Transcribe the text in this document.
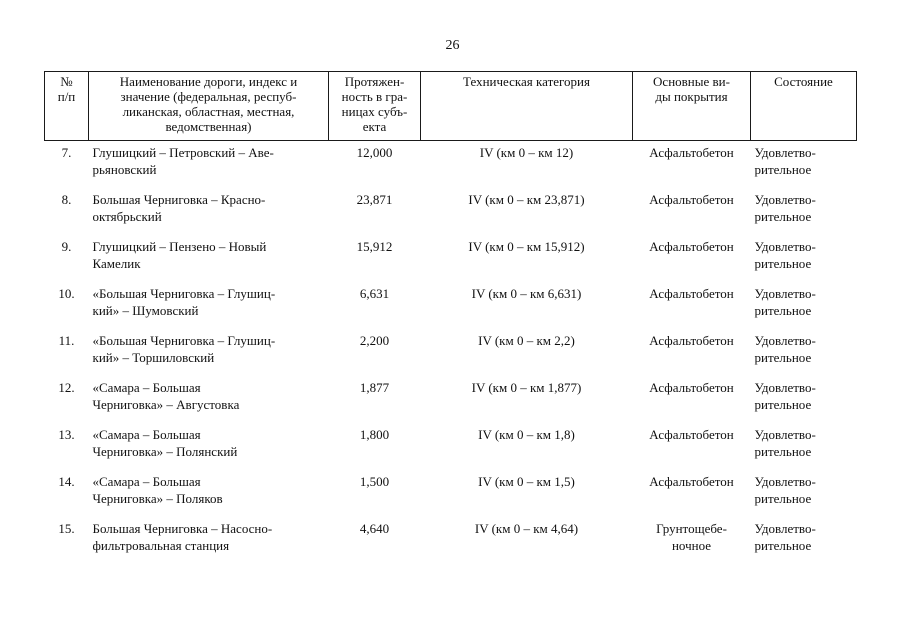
26
№
п/п	Наименование дороги, индекс и
значение (федеральная, респуб-
ликанская, областная, местная,
ведомственная)	Протяжен-
ность в гра-
ницах субъ-
екта	Техническая категория	Основные ви-
ды покрытия	Состояние

7.	Глушицкий – Петровский – Аве-
рьяновский	12,000	IV (км 0 – км 12)	Асфальтобетон	Удовлетво-
рительное

8.	Большая Черниговка – Красно-
октябрьский	23,871	IV (км 0 – км 23,871)	Асфальтобетон	Удовлетво-
рительное

9.	Глушицкий – Пензено – Новый
Камелик	15,912	IV (км 0 – км 15,912)	Асфальтобетон	Удовлетво-
рительное

10.	«Большая Черниговка – Глушиц-
кий» – Шумовский	6,631	IV (км 0 – км 6,631)	Асфальтобетон	Удовлетво-
рительное

11.	«Большая Черниговка – Глушиц-
кий» – Торшиловский	2,200	IV (км 0 – км 2,2)	Асфальтобетон	Удовлетво-
рительное

12.	«Самара – Большая
Черниговка» – Августовка	1,877	IV (км 0 – км 1,877)	Асфальтобетон	Удовлетво-
рительное

13.	«Самара – Большая
Черниговка» – Полянский	1,800	IV (км 0 – км 1,8)	Асфальтобетон	Удовлетво-
рительное

14.	«Самара – Большая
Черниговка» – Поляков	1,500	IV (км 0 – км 1,5)	Асфальтобетон	Удовлетво-
рительное

15.	Большая Черниговка – Насосно-
фильтровальная станция	4,640	IV (км 0 – км 4,64)	Грунтощебе-
ночное	Удовлетво-
рительное
